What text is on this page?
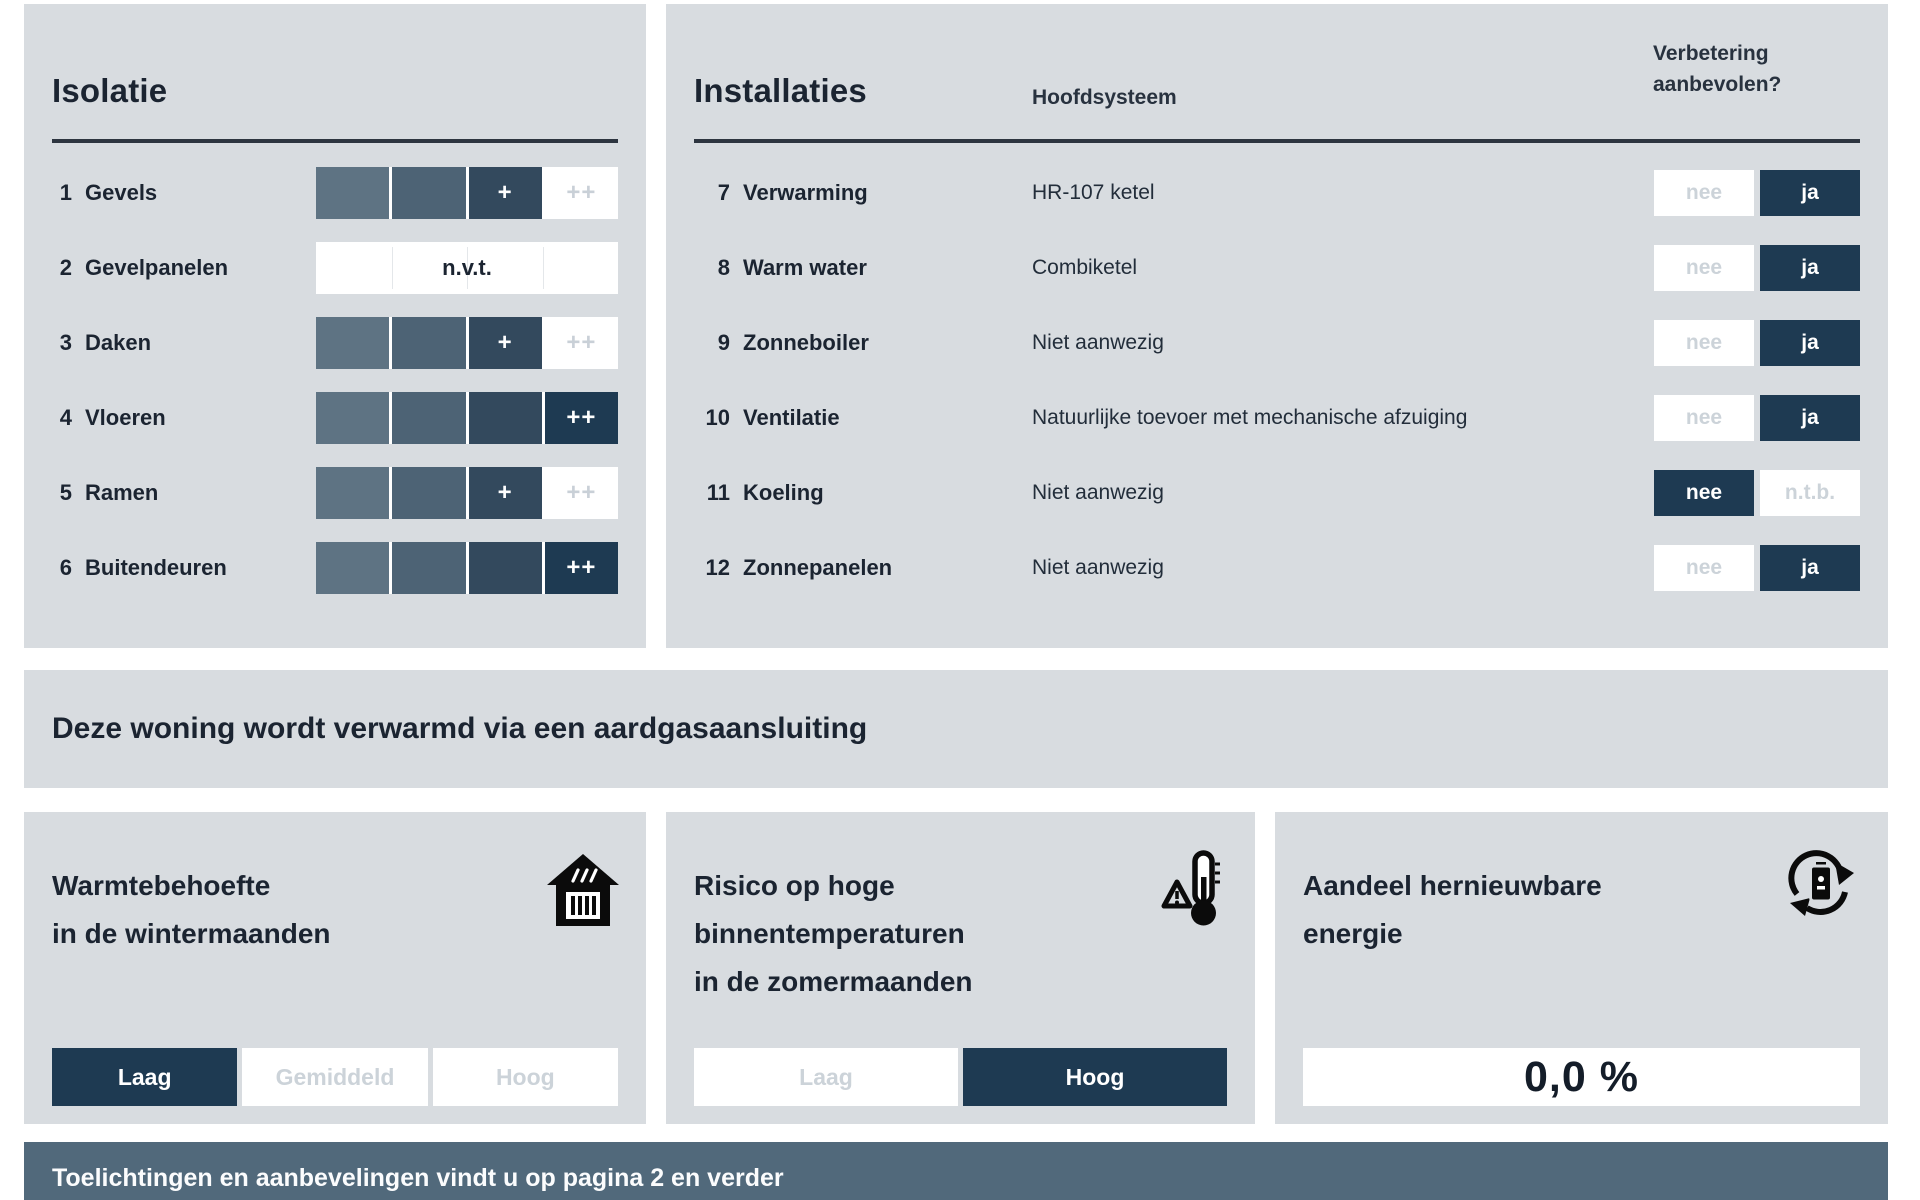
Isolatie
1 Gevels	+ ++
2 Gevelpanelen	n.v.t.
3 Daken	+ ++
4 Vloeren	++
5 Ramen	+ ++
6 Buitendeuren	++
Installaties	Hoofdsysteem
Verbetering
aanbevolen?
7 Verwarming	HR-107 ketel	nee	ja
8 Warm water	Combiketel	nee	ja
9 Zonneboiler	Niet aanwezig	nee	ja
10 Ventilatie	Natuurlijke toevoer met mechanische afzuiging	nee	ja
11 Koeling	Niet aanwezig	nee	n.t.b.
12 Zonnepanelen	Niet aanwezig	nee	ja

Deze woning wordt verwarmd via een aardgasaansluiting

Warmtebehoefte
in de wintermaanden
Laag	Gemiddeld	Hoog
Risico op hoge
binnentemperaturen
in de zomermaanden
Laag	Hoog
Aandeel hernieuwbare
energie
0,0 %

Toelichtingen en aanbevelingen vindt u op pagina 2 en verder
